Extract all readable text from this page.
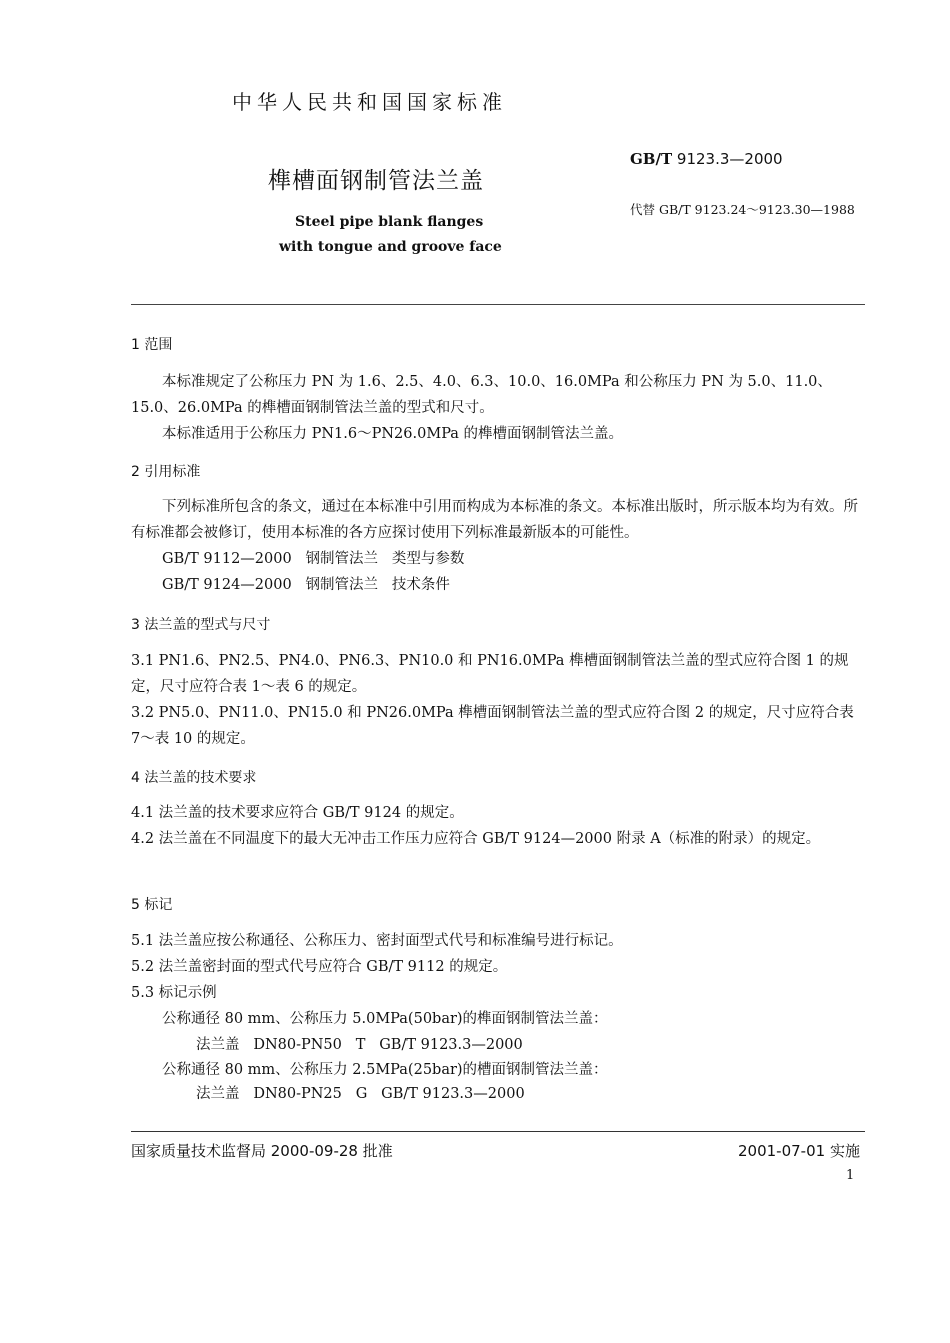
中华人民共和国国家标准
榫槽面钢制管法兰盖
Steel pipe blank flanges
with tongue and groove face
GB/T 9123.3—2000
代替 GB/T 9123.24～9123.30—1988
1 范围
本标准规定了公称压力 PN 为 1.6、2.5、4.0、6.3、10.0、16.0MPa 和公称压力 PN 为 5.0、11.0、15.0、26.0MPa 的榫槽面钢制管法兰盖的型式和尺寸。
本标准适用于公称压力 PN1.6～PN26.0MPa 的榫槽面钢制管法兰盖。
2 引用标准
下列标准所包含的条文，通过在本标准中引用而构成为本标准的条文。本标准出版时，所示版本均为有效。所有标准都会被修订，使用本标准的各方应探讨使用下列标准最新版本的可能性。
GB/T 9112—2000   钢制管法兰   类型与参数
GB/T 9124—2000   钢制管法兰   技术条件
3 法兰盖的型式与尺寸
3.1 PN1.6、PN2.5、PN4.0、PN6.3、PN10.0 和 PN16.0MPa 榫槽面钢制管法兰盖的型式应符合图 1 的规定，尺寸应符合表 1～表 6 的规定。
3.2 PN5.0、PN11.0、PN15.0 和 PN26.0MPa 榫槽面钢制管法兰盖的型式应符合图 2 的规定，尺寸应符合表 7～表 10 的规定。
4 法兰盖的技术要求
4.1 法兰盖的技术要求应符合 GB/T 9124 的规定。
4.2 法兰盖在不同温度下的最大无冲击工作压力应符合 GB/T 9124—2000 附录 A（标准的附录）的规定。
5 标记
5.1 法兰盖应按公称通径、公称压力、密封面型式代号和标准编号进行标记。
5.2 法兰盖密封面的型式代号应符合 GB/T 9112 的规定。
5.3 标记示例
公称通径 80 mm、公称压力 5.0MPa(50bar)的榫面钢制管法兰盖：
法兰盖   DN80-PN50   T   GB/T 9123.3—2000
公称通径 80 mm、公称压力 2.5MPa(25bar)的槽面钢制管法兰盖：
法兰盖   DN80-PN25   G   GB/T 9123.3—2000
国家质量技术监督局 2000-09-28 批准	2001-07-01 实施
1
